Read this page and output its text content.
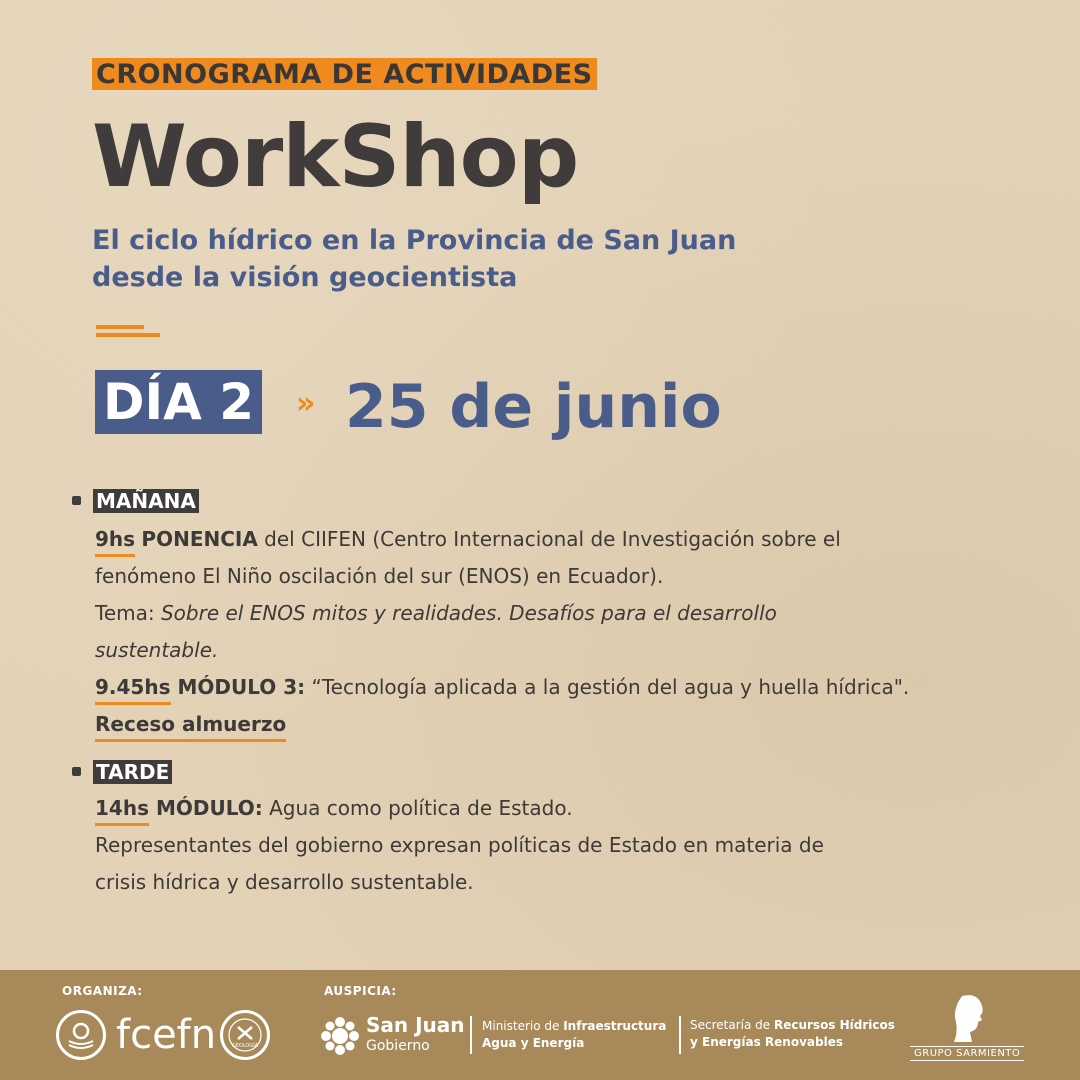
CRONOGRAMA DE ACTIVIDADES
WorkShop
El ciclo hídrico en la Provincia de San Juan
desde la visión geocientista
DÍA 2 » 25 de junio
MAÑANA
9hs PONENCIA del CIIFEN (Centro Internacional de Investigación sobre el
fenómeno El Niño oscilación del sur (ENOS) en Ecuador).
Tema: Sobre el ENOS mitos y realidades. Desafíos para el desarrollo
sustentable.
9.45hs MÓDULO 3: “Tecnología aplicada a la gestión del agua y huella hídrica".
Receso almuerzo
TARDE
14hs MÓDULO: Agua como política de Estado.
Representantes del gobierno expresan políticas de Estado en materia de
crisis hídrica y desarrollo sustentable.
ORGANIZA:	AUSPICIA:
fcefn	GEOLOGÍA
San Juan
Gobierno
Ministerio de Infraestructura
Agua y Energía
Secretaría de Recursos Hídricos
y Energías Renovables
GRUPO SARMIENTO
